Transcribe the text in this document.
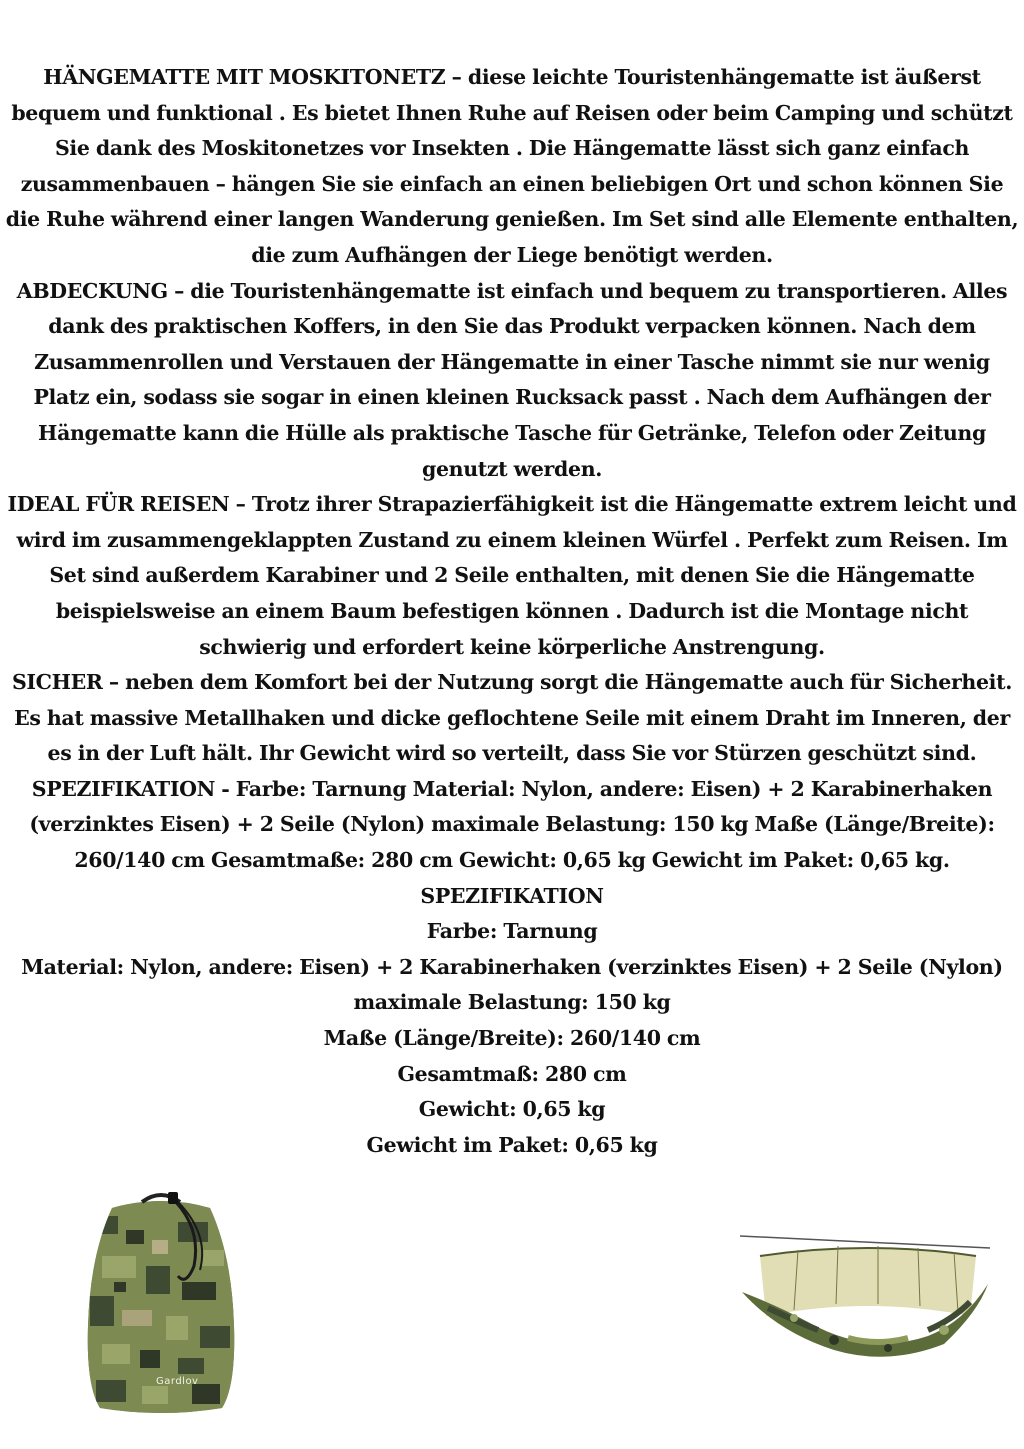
HÄNGEMATTE MIT MOSKITONETZ – diese leichte Touristenhängematte ist äußerst bequem und funktional . Es bietet Ihnen Ruhe auf Reisen oder beim Camping und schützt Sie dank des Moskitonetzes vor Insekten . Die Hängematte lässt sich ganz einfach zusammenbauen – hängen Sie sie einfach an einen beliebigen Ort und schon können Sie die Ruhe während einer langen Wanderung genießen. Im Set sind alle Elemente enthalten, die zum Aufhängen der Liege benötigt werden.

ABDECKUNG – die Touristenhängematte ist einfach und bequem zu transportieren. Alles dank des praktischen Koffers, in den Sie das Produkt verpacken können. Nach dem Zusammenrollen und Verstauen der Hängematte in einer Tasche nimmt sie nur wenig Platz ein, sodass sie sogar in einen kleinen Rucksack passt . Nach dem Aufhängen der Hängematte kann die Hülle als praktische Tasche für Getränke, Telefon oder Zeitung genutzt werden.

IDEAL FÜR REISEN – Trotz ihrer Strapazierfähigkeit ist die Hängematte extrem leicht und wird im zusammengeklappten Zustand zu einem kleinen Würfel . Perfekt zum Reisen. Im Set sind außerdem Karabiner und 2 Seile enthalten, mit denen Sie die Hängematte beispielsweise an einem Baum befestigen können . Dadurch ist die Montage nicht schwierig und erfordert keine körperliche Anstrengung.

SICHER – neben dem Komfort bei der Nutzung sorgt die Hängematte auch für Sicherheit. Es hat massive Metallhaken und dicke geflochtene Seile mit einem Draht im Inneren, der es in der Luft hält. Ihr Gewicht wird so verteilt, dass Sie vor Stürzen geschützt sind.

SPEZIFIKATION - Farbe: Tarnung Material: Nylon, andere: Eisen) + 2 Karabinerhaken (verzinktes Eisen) + 2 Seile (Nylon) maximale Belastung: 150 kg Maße (Länge/Breite): 260/140 cm Gesamtmaße: 280 cm Gewicht: 0,65 kg Gewicht im Paket: 0,65 kg.

SPEZIFIKATION
Farbe: Tarnung
Material: Nylon, andere: Eisen) + 2 Karabinerhaken (verzinktes Eisen) + 2 Seile (Nylon)
maximale Belastung: 150 kg
Maße (Länge/Breite): 260/140 cm
Gesamtmaß: 280 cm
Gewicht: 0,65 kg
Gewicht im Paket: 0,65 kg
Gardlov
